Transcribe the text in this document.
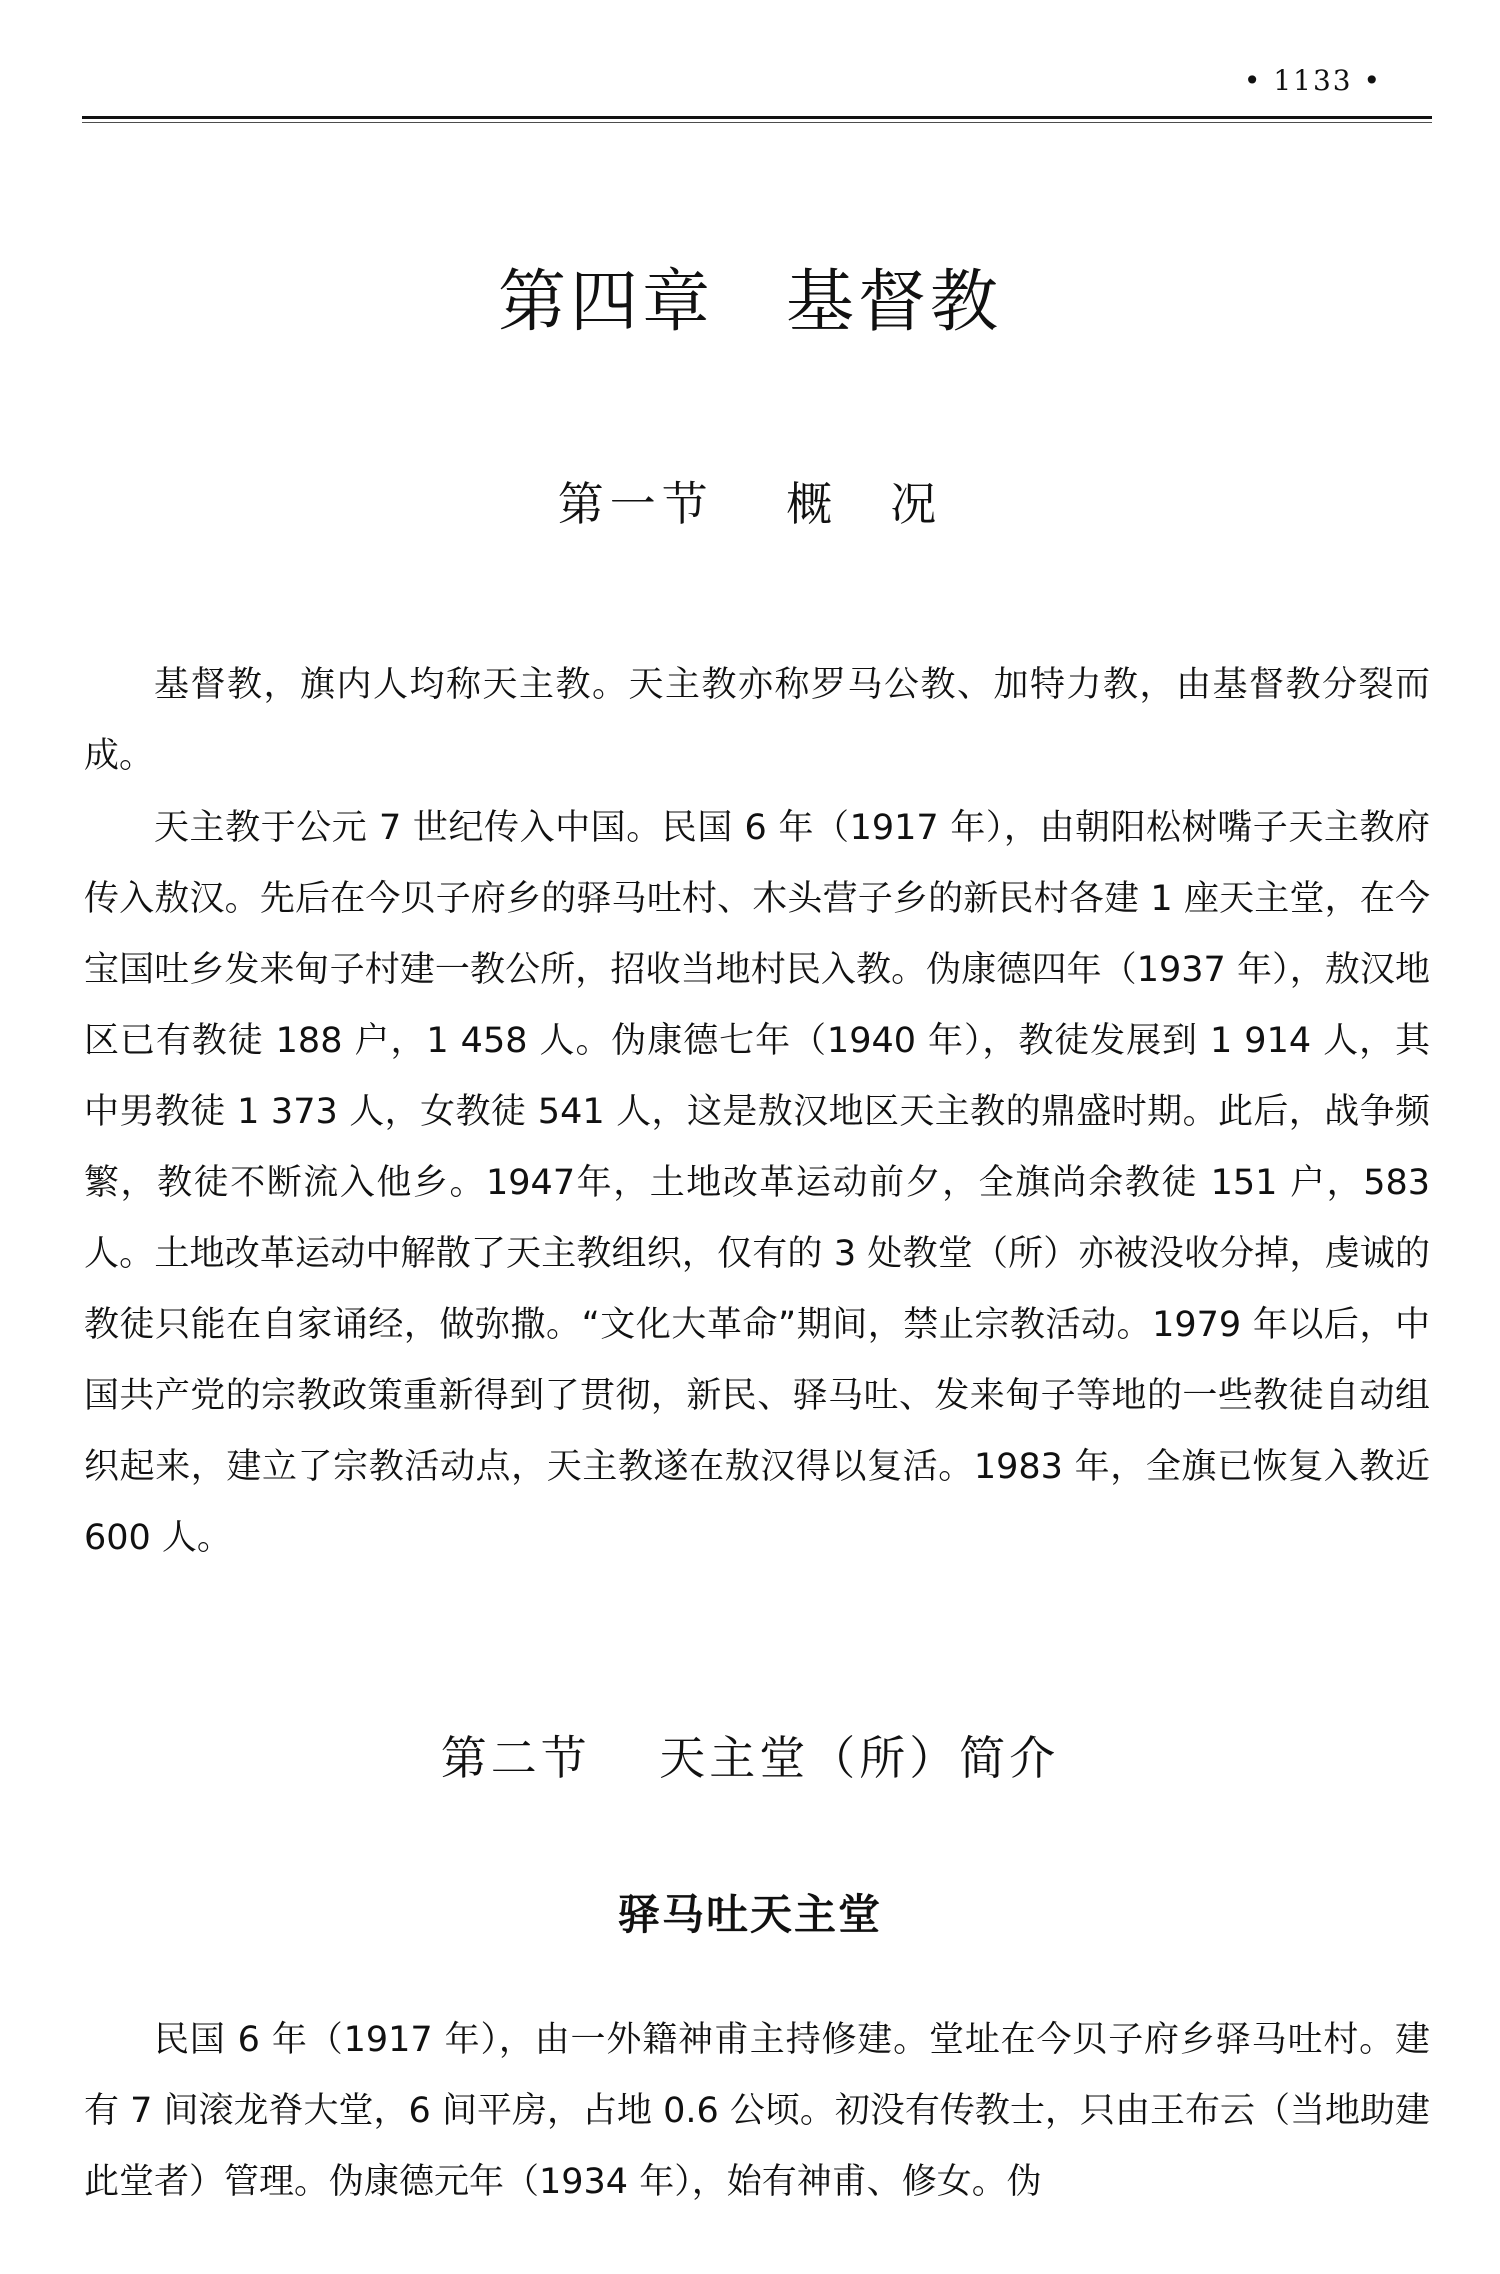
• 1133 •
第四章　基督教
第一节　 概　况

基督教，旗内人均称天主教。天主教亦称罗马公教、加特力教，由基督教分裂而成。

天主教于公元 7 世纪传入中国。民国 6 年（1917 年），由朝阳松树嘴子天主教府传入敖汉。先后在今贝子府乡的驿马吐村、木头营子乡的新民村各建 1 座天主堂，在今宝国吐乡发来甸子村建一教公所，招收当地村民入教。伪康德四年（1937 年），敖汉地区已有教徒 188 户，1 458 人。伪康德七年（1940 年），教徒发展到 1 914 人，其中男教徒 1 373 人，女教徒 541 人，这是敖汉地区天主教的鼎盛时期。此后，战争频繁，教徒不断流入他乡。1947年，土地改革运动前夕，全旗尚余教徒 151 户，583 人。土地改革运动中解散了天主教组织，仅有的 3 处教堂（所）亦被没收分掉，虔诚的教徒只能在自家诵经，做弥撒。“文化大革命”期间，禁止宗教活动。1979 年以后，中国共产党的宗教政策重新得到了贯彻，新民、驿马吐、发来甸子等地的一些教徒自动组织起来，建立了宗教活动点，天主教遂在敖汉得以复活。1983 年，全旗已恢复入教近 600 人。

第二节　 天主堂（所）简介
驿马吐天主堂

民国 6 年（1917 年），由一外籍神甫主持修建。堂址在今贝子府乡驿马吐村。建有 7 间滚龙脊大堂，6 间平房，占地 0.6 公顷。初没有传教士，只由王布云（当地助建此堂者）管理。伪康德元年（1934 年），始有神甫、修女。伪
